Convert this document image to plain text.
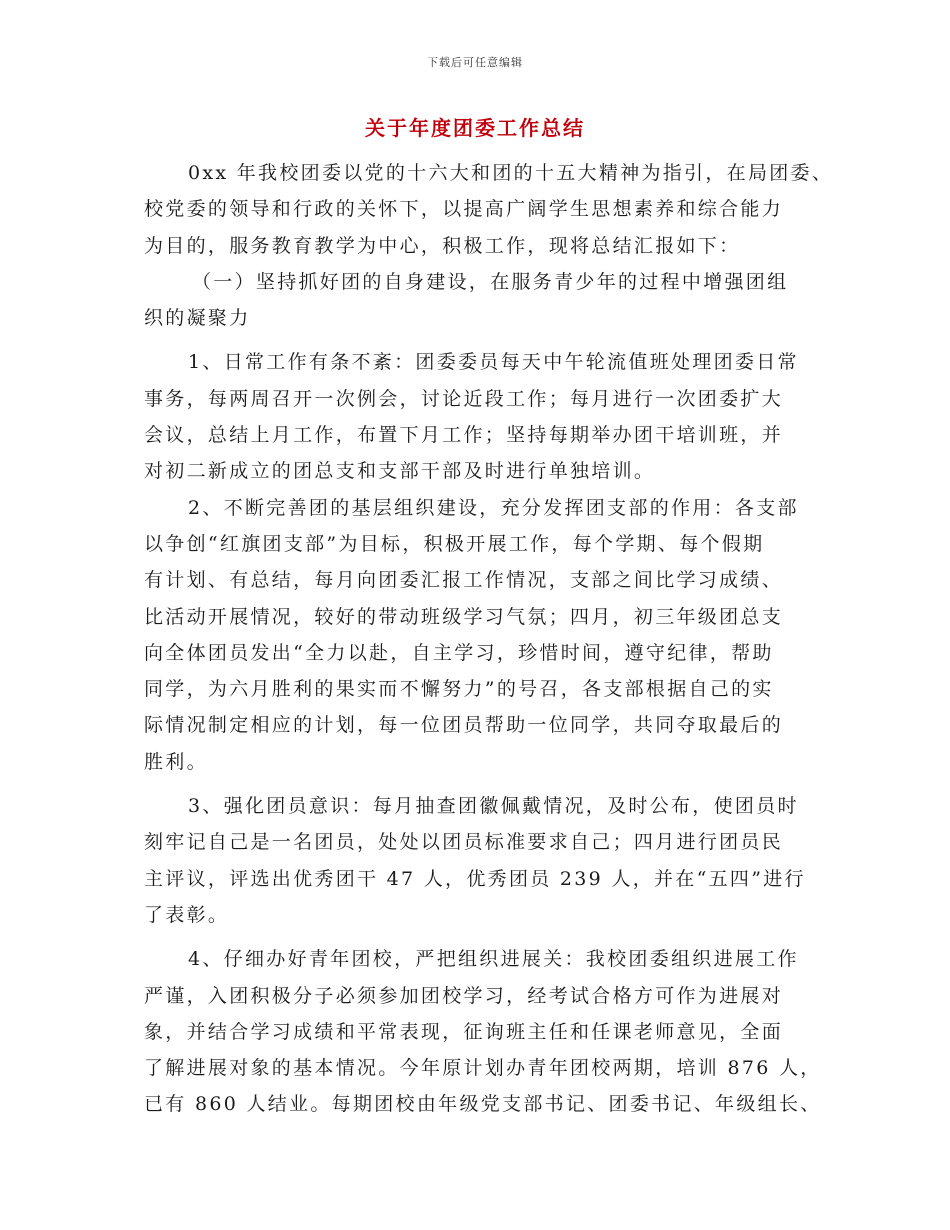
下载后可任意编辑
关于年度团委工作总结
0xx 年我校团委以党的十六大和团的十五大精神为指引，在局团委、
校党委的领导和行政的关怀下，以提高广阔学生思想素养和综合能力
为目的，服务教育教学为中心，积极工作，现将总结汇报如下：
（一）坚持抓好团的自身建设，在服务青少年的过程中增强团组
织的凝聚力
1、日常工作有条不紊：团委委员每天中午轮流值班处理团委日常
事务，每两周召开一次例会，讨论近段工作；每月进行一次团委扩大
会议，总结上月工作，布置下月工作；坚持每期举办团干培训班，并
对初二新成立的团总支和支部干部及时进行单独培训。
2、不断完善团的基层组织建设，充分发挥团支部的作用：各支部
以争创“红旗团支部”为目标，积极开展工作，每个学期、每个假期
有计划、有总结，每月向团委汇报工作情况，支部之间比学习成绩、
比活动开展情况，较好的带动班级学习气氛；四月，初三年级团总支
向全体团员发出“全力以赴，自主学习，珍惜时间，遵守纪律，帮助
同学，为六月胜利的果实而不懈努力”的号召，各支部根据自己的实
际情况制定相应的计划，每一位团员帮助一位同学，共同夺取最后的
胜利。
3、强化团员意识：每月抽查团徽佩戴情况，及时公布，使团员时
刻牢记自己是一名团员，处处以团员标准要求自己；四月进行团员民
主评议，评选出优秀团干 47 人，优秀团员 239 人，并在“五四”进行
了表彰。
4、仔细办好青年团校，严把组织进展关：我校团委组织进展工作
严谨，入团积极分子必须参加团校学习，经考试合格方可作为进展对
象，并结合学习成绩和平常表现，征询班主任和任课老师意见，全面
了解进展对象的基本情况。今年原计划办青年团校两期，培训 876 人，
已有 860 人结业。每期团校由年级党支部书记、团委书记、年级组长、
